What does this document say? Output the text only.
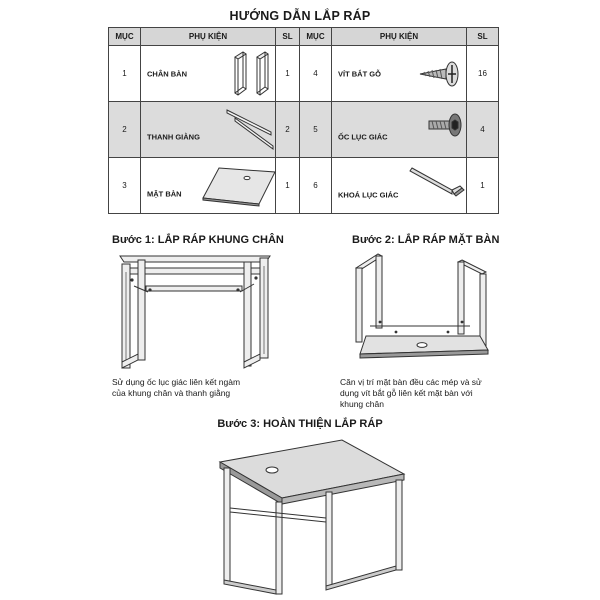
HƯỚNG DẪN LẮP RÁP
MỤC	PHỤ KIỆN	SL	MỤC	PHỤ KIỆN	SL
1	CHÂN BÀN	1	4	VÍT BẮT GỖ	16
2	THANH GIẰNG	2	5	ỐC LỤC GIÁC	4
3	MẶT BÀN	1	6	KHOÁ LỤC GIÁC	1
Bước 1: LẮP RÁP KHUNG CHÂN
Sử dụng ốc lục giác liên kết ngàm
của khung chân và thanh giằng
Bước 2: LẮP RÁP MẶT BÀN
Căn vị trí mặt bàn đều các mép và sử
dụng vít bắt gỗ liên kết mặt bàn với
khung chân
Bước 3: HOÀN THIỆN LẮP RÁP
